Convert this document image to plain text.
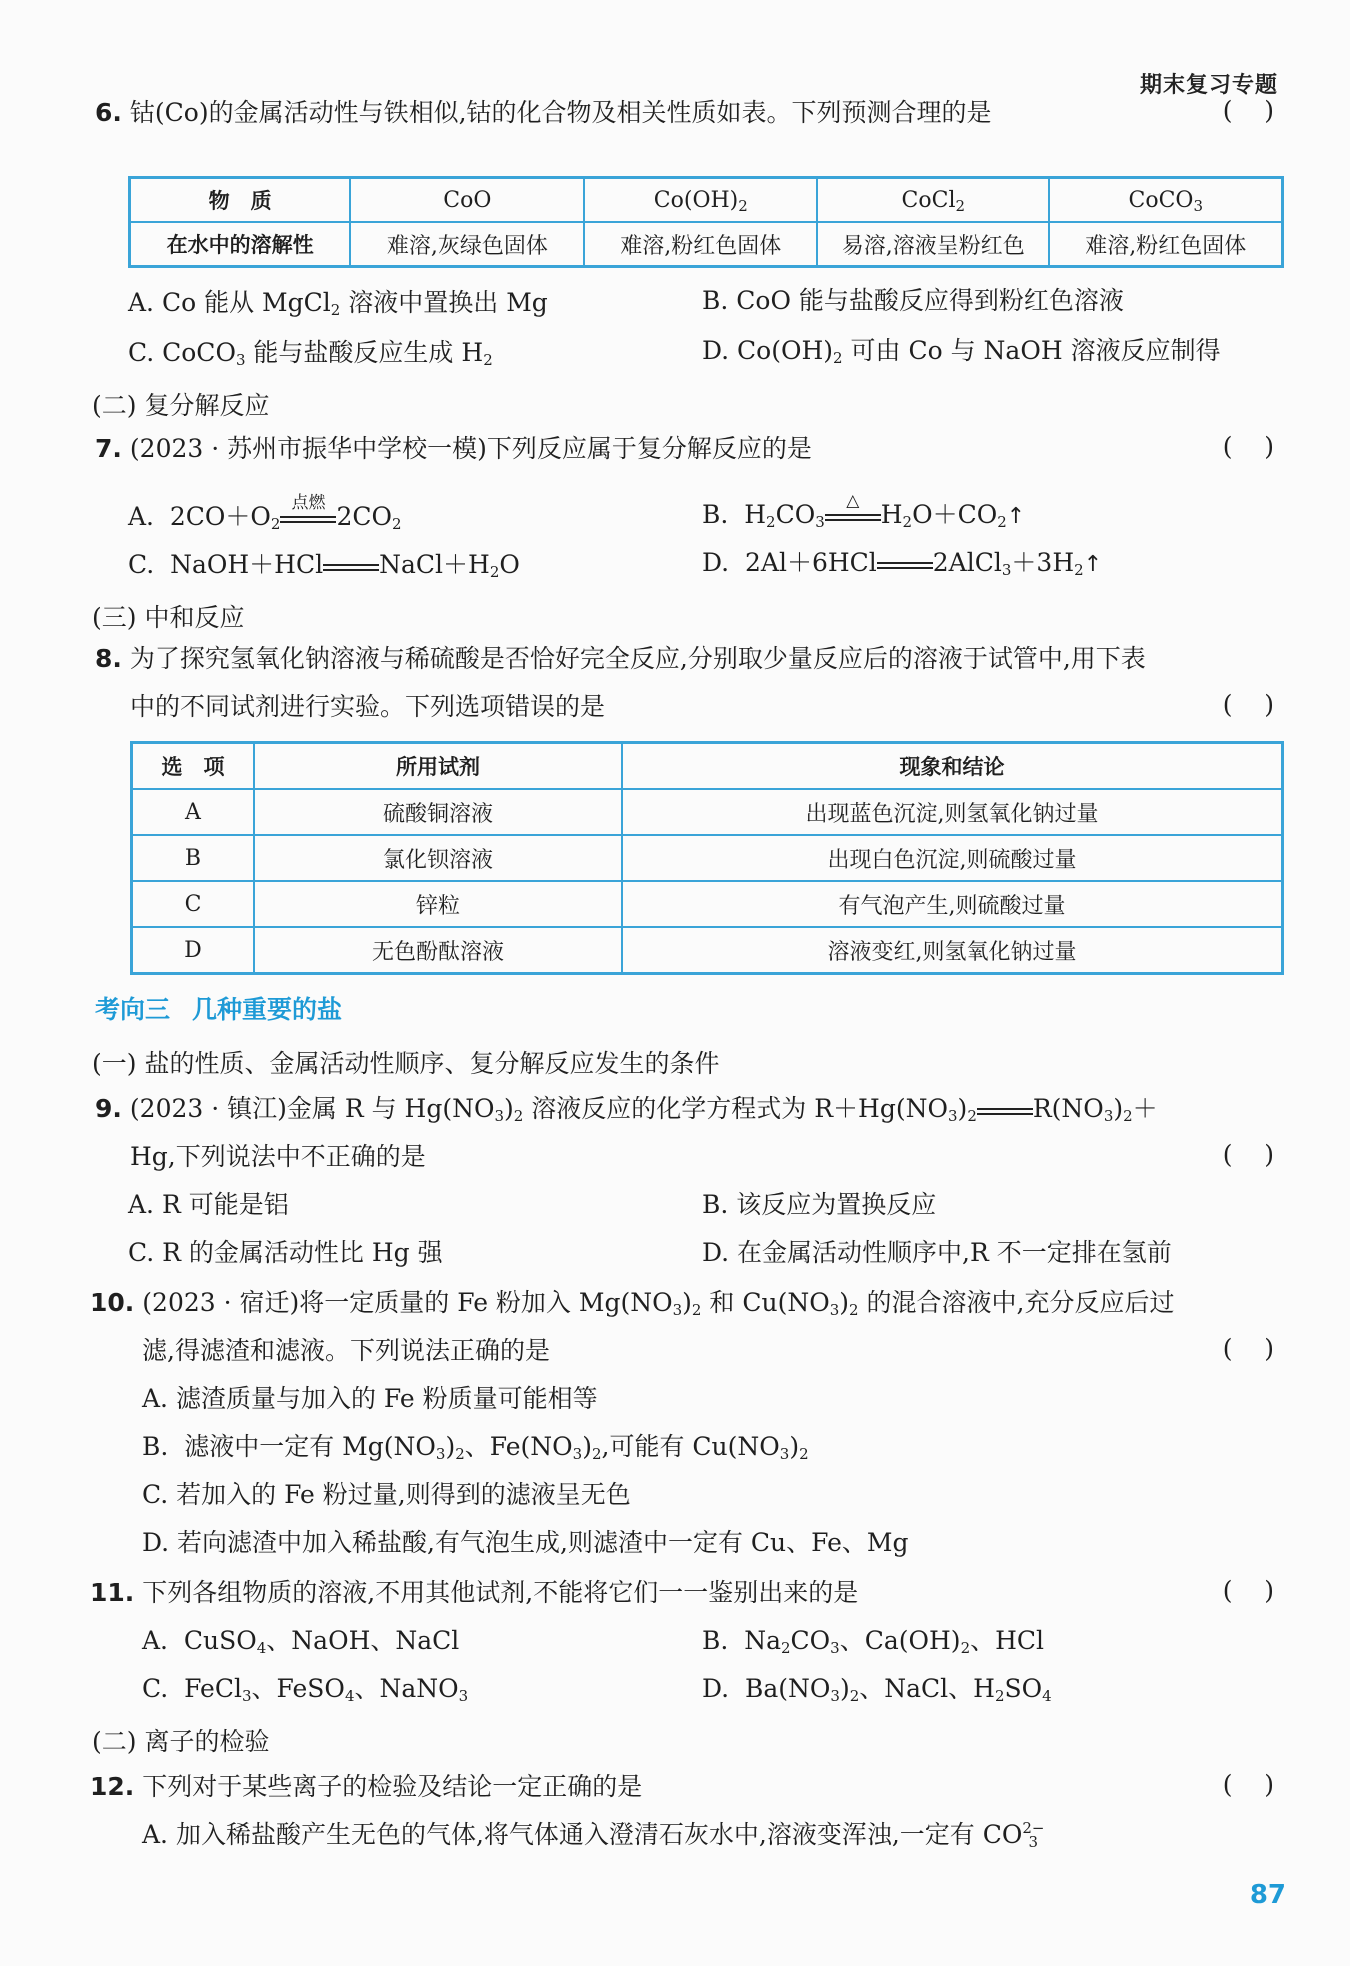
期末复习专题
6. 钴(Co)的金属活动性与铁相似,钴的化合物及相关性质如表。下列预测合理的是	(    )
物　质	CoO	$Co(OH)_2$	CoCl$_2$	CoCO$_3$
在水中的溶解性	难溶,灰绿色固体	难溶,粉红色固体	易溶,溶液呈粉红色	难溶,粉红色固体
A. Co 能从 MgCl$_2$ 溶液中置换出 Mg	B. CoO 能与盐酸反应得到粉红色溶液
C. CoCO$_3$ 能与盐酸反应生成 $H_2$	D. $Co(OH)_2$ 可由 Co 与 NaOH 溶液反应制得
(二) 复分解反应
7. (2023 · 苏州市振华中学校一模)下列反应属于复分解反应的是	(    )
A.  $2CO+O_2$
点燃 $2CO_2$	B.  $H_2CO_3$
△ $H_2O+CO_2↑$
C.  NaOH＋HCl $NaCl+H_2O$	D.  2Al＋6HCl $2AlCl_3+3H_2↑$
(三) 中和反应
8. 为了探究氢氧化钠溶液与稀硫酸是否恰好完全反应,分别取少量反应后的溶液于试管中,用下表
中的不同试剂进行实验。下列选项错误的是	(    )
选　项	所用试剂	现象和结论
A	硫酸铜溶液	出现蓝色沉淀,则氢氧化钠过量
B	氯化钡溶液	出现白色沉淀,则硫酸过量
C	锌粒	有气泡产生,则硫酸过量
D	无色酚酞溶液	溶液变红,则氢氧化钠过量
考向三 几种重要的盐
(一) 盐的性质、金属活动性顺序、复分解反应发生的条件
9. (2023 · 镇江)金属 R 与 $Hg(NO_3)_2$ 溶液反应的化学方程式为 $R+Hg(NO_3)_2$ $R(NO_3)_2+$
Hg,下列说法中不正确的是	(    )
A. R 可能是铝	B. 该反应为置换反应
C. R 的金属活动性比 Hg 强	D. 在金属活动性顺序中,R 不一定排在氢前
10. (2023 · 宿迁)将一定质量的 Fe 粉加入 $Mg(NO_3)_2$ 和 $Cu(NO_3)_2$ 的混合溶液中,充分反应后过
滤,得滤渣和滤液。下列说法正确的是	(    )
A. 滤渣质量与加入的 Fe 粉质量可能相等
B.  滤液中一定有 $Mg(NO_3)_2$、$Fe(NO_3)_2$,可能有 $Cu(NO_3)_2$
C. 若加入的 Fe 粉过量,则得到的滤液呈无色
D. 若向滤渣中加入稀盐酸,有气泡生成,则滤渣中一定有 Cu、Fe、Mg
11. 下列各组物质的溶液,不用其他试剂,不能将它们一一鉴别出来的是	(    )
A.  CuSO$_4$、NaOH、NaCl	B.  $Na_2CO_3$、$Ca(OH)_2$、HCl
C.  FeCl$_3$、FeSO$_4$、NaNO$_3$	D.  $Ba(NO_3)_2$、NaCl、$H_2SO_4$
(二) 离子的检验
12. 下列对于某些离子的检验及结论一定正确的是	(    )
A. 加入稀盐酸产生无色的气体,将气体通入澄清石灰水中,溶液变浑浊,一定有 $CO^{2-}_3$
87
